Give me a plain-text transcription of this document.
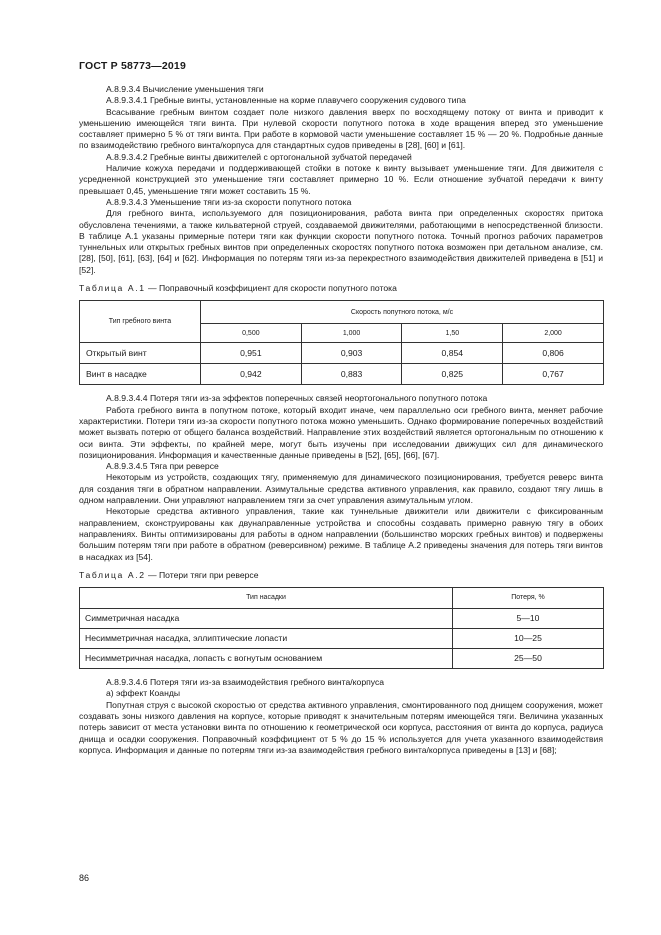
ГОСТ Р 58773—2019

А.8.9.3.4 Вычисление уменьшения тяги

А.8.9.3.4.1 Гребные винты, установленные на корме плавучего сооружения судового типа

Всасывание гребным винтом создает поле низкого давления вверх по восходящему потоку от винта и приводит к уменьшению имеющейся тяги винта. При нулевой скорости попутного потока в ходе вращения вперед это уменьшение составляет примерно 5 % от тяги винта. При работе в кормовой части уменьшение составляет 15 % — 20 %. Подробные данные по взаимодействию гребного винта/корпуса для стандартных судов приведены в [28], [60] и [61].

А.8.9.3.4.2 Гребные винты движителей с ортогональной зубчатой передачей

Наличие кожуха передачи и поддерживающей стойки в потоке к винту вызывает уменьшение тяги. Для движителя с усредненной конструкцией это уменьшение тяги составляет примерно 10 %. Если отношение зубчатой передачи к винту превышает 0,45, уменьшение тяги может составить 15 %.

А.8.9.3.4.3 Уменьшение тяги из-за скорости попутного потока

Для гребного винта, используемого для позиционирования, работа винта при определенных скоростях притока обусловлена течениями, а также кильватерной струей, создаваемой движителями, работающими в непосредственной близости. В таблице А.1 указаны примерные потери тяги как функции скорости попутного потока. Точный прогноз рабочих параметров туннельных или открытых гребных винтов при определенных скоростях попутного потока возможен при детальном анализе, см. [28], [50], [61], [63], [64] и [62]. Информация по потерям тяги из-за перекрестного взаимодействия движителей приведена в [51] и [52].

Таблица А.1 — Поправочный коэффициент для скорости попутного потока

Тип гребного винта	Скорость попутного потока, м/с			
	0,500	1,000	1,50	2,000
Открытый винт	0,951	0,903	0,854	0,806
Винт в насадке	0,942	0,883	0,825	0,767

А.8.9.3.4.4 Потеря тяги из-за эффектов поперечных связей неортогонального попутного потока

Работа гребного винта в попутном потоке, который входит иначе, чем параллельно оси гребного винта, меняет рабочие характеристики. Потери тяги из-за скорости попутного потока можно уменьшить. Однако формирование поперечных воздействий может вызвать потерю от общего баланса воздействий. Направление этих воздействий является ортогональным по отношению к оси винта. Эти эффекты, по крайней мере, могут быть изучены при исследовании движущих сил для динамического позиционирования. Информация и качественные данные приведены в [52], [65], [66], [67].

А.8.9.3.4.5 Тяга при реверсе

Некоторым из устройств, создающих тягу, применяемую для динамического позиционирования, требуется реверс винта для создания тяги в обратном направлении. Азимутальные средства активного управления, как правило, создают тягу лишь в одном направлении. Они управляют направлением тяги за счет управления азимутальным углом.

Некоторые средства активного управления, такие как туннельные движители или движители с фиксированным направлением, сконструированы как двунаправленные устройства и способны создавать примерно равную тягу в обоих направлениях. Винты оптимизированы для работы в одном направлении (большинство морских гребных винтов) и подвержены большим потерям тяги при работе в обратном (реверсивном) режиме. В таблице А.2 приведены значения для потерь тяги винтов в насадках из [54].

Таблица А.2 — Потери тяги при реверсе

Тип насадки	Потеря, %
Симметричная насадка	5—10
Несимметричная насадка, эллиптические лопасти	10—25
Несимметричная насадка, лопасть с вогнутым основанием	25—50

А.8.9.3.4.6 Потеря тяги из-за взаимодействия гребного винта/корпуса

а) эффект Коанды

Попутная струя с высокой скоростью от средства активного управления, смонтированного под днищем сооружения, может создавать зоны низкого давления на корпусе, которые приводят к значительным потерям имеющейся тяги. Величина указанных потерь зависит от места установки винта по отношению к геометрической оси корпуса, расстояния от винта до корпуса, радиуса днища и осадки сооружения. Поправочный коэффициент от 5 % до 15 % используется для учета указанного взаимодействия корпуса. Информация и данные по потерям тяги из-за взаимодействия гребного винта/корпуса приведены в [13] и [68];

86
